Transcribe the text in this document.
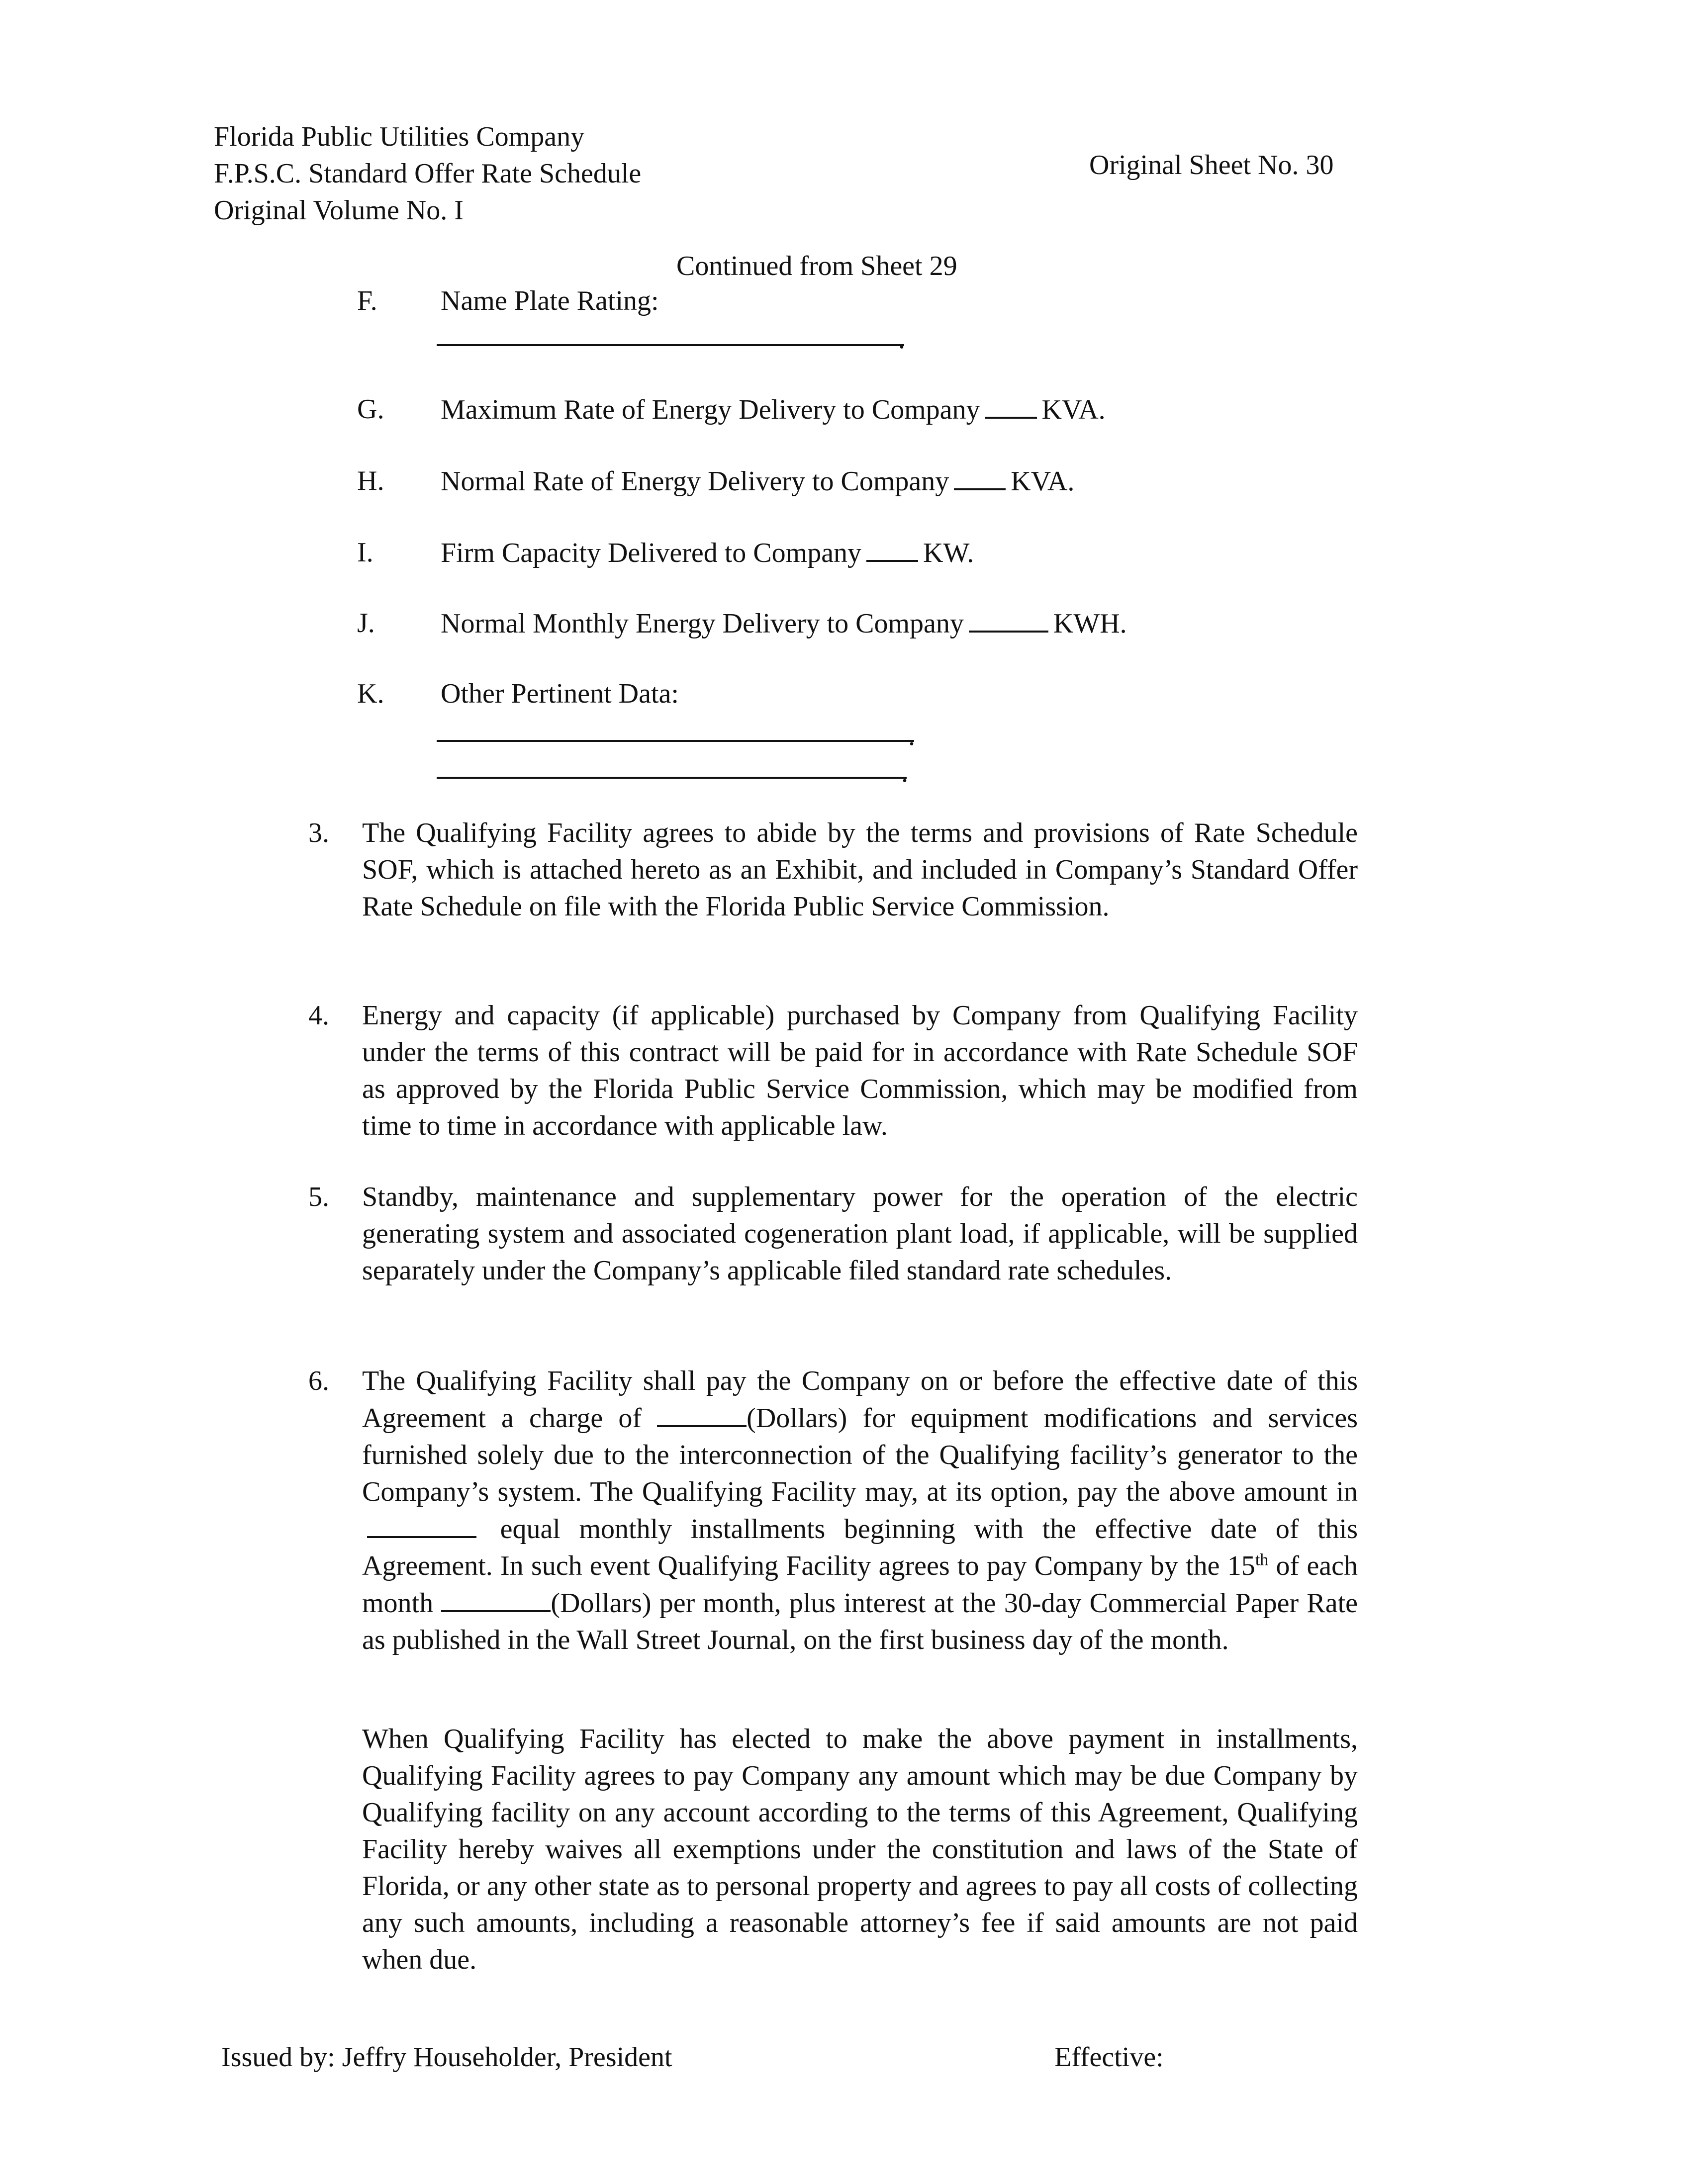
Florida Public Utilities Company
F.P.S.C. Standard Offer Rate Schedule
Original Volume No. I
Original Sheet No. 30
Continued from Sheet 29
F. Name Plate Rating:
.
G. Maximum Rate of Energy Delivery to Company KVA.
H. Normal Rate of Energy Delivery to Company KVA.
I. Firm Capacity Delivered to Company KW.
J. Normal Monthly Energy Delivery to Company	KWH.
K. Other Pertinent Data:
.
.
3. The Qualifying Facility agrees to abide by the terms and provisions of Rate Schedule SOF, which is attached hereto as an Exhibit, and included in Company’s Standard Offer Rate Schedule on file with the Florida Public Service Commission.
4. Energy and capacity (if applicable) purchased by Company from Qualifying Facility under the terms of this contract will be paid for in accordance with Rate Schedule SOF as approved by the Florida Public Service Commission, which may be modified from time to time in accordance with applicable law.
5. Standby, maintenance and supplementary power for the operation of the electric generating system and associated cogeneration plant load, if applicable, will be supplied separately under the Company’s applicable filed standard rate schedules.
6. The Qualifying Facility shall pay the Company on or before the effective date of this Agreement a charge of	(Dollars) for equipment modifications and services furnished solely due to the interconnection of the Qualifying facility’s generator to the Company’s system. The Qualifying Facility may, at its option, pay the above amount in  equal monthly installments beginning with the effective date of this Agreement. In such event Qualifying Facility agrees to pay Company by the 15th of each month	(Dollars) per month, plus interest at the 30-day Commercial Paper Rate as published in the Wall Street Journal, on the first business day of the month.
When Qualifying Facility has elected to make the above payment in installments, Qualifying Facility agrees to pay Company any amount which may be due Company by Qualifying facility on any account according to the terms of this Agreement, Qualifying Facility hereby waives all exemptions under the constitution and laws of the State of Florida, or any other state as to personal property and agrees to pay all costs of collecting any such amounts, including a reasonable attorney’s fee if said amounts are not paid when due.
Issued by: Jeffry Householder, President	Effective:
